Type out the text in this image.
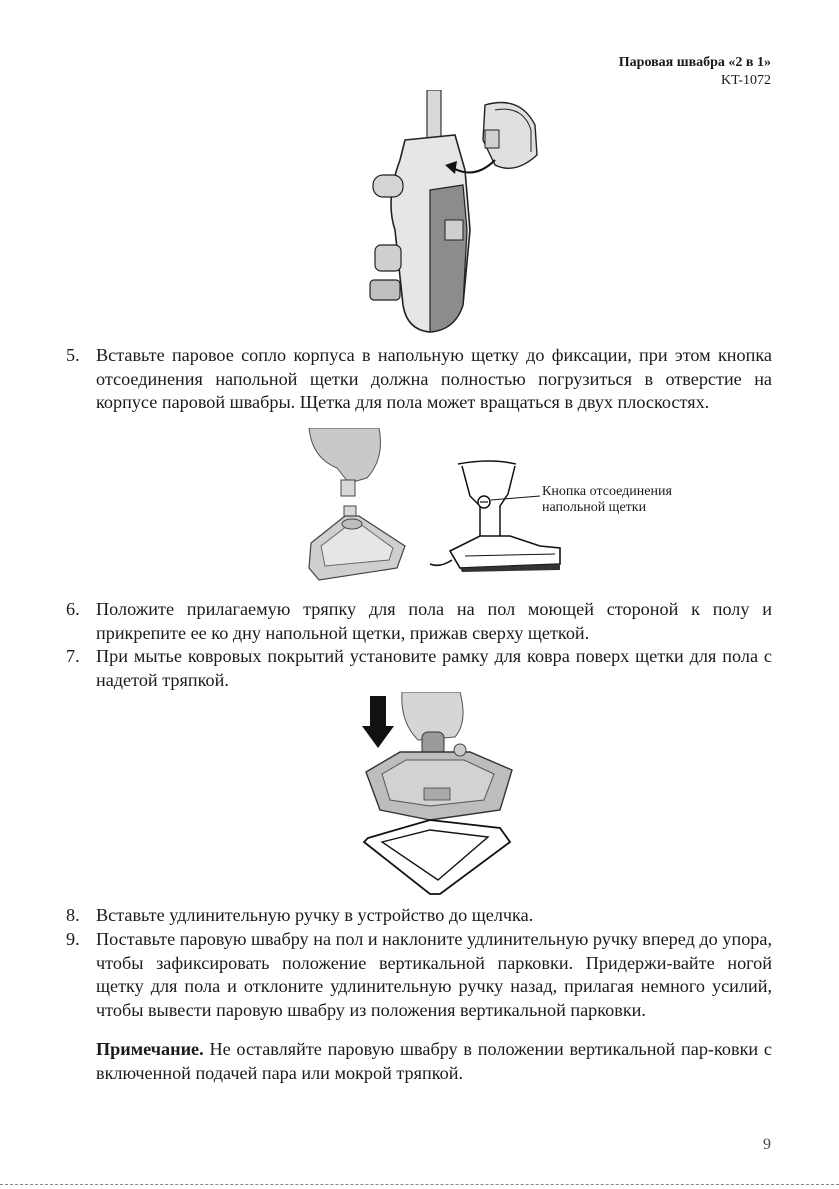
Паровая швабра «2 в 1»
KT-1072
5. Вставьте паровое сопло корпуса в напольную щетку до фиксации, при этом кнопка отсоединения напольной щетки должна полностью погрузиться в отверстие на корпусе паровой швабры. Щетка для пола может вращаться в двух плоскостях.
Кнопка отсоединения
напольной щетки
6. Положите прилагаемую тряпку для пола на пол моющей стороной к полу и прикрепите ее ко дну напольной щетки, прижав сверху щеткой.
7. При мытье ковровых покрытий установите рамку для ковра поверх щетки для пола с надетой тряпкой.
8. Вставьте удлинительную ручку в устройство до щелчка.
9. Поставьте паровую швабру на пол и наклоните удлинительную ручку вперед до упора, чтобы зафиксировать положение вертикальной парковки. Придержи-вайте ногой щетку для пола и отклоните удлинительную ручку назад, прилагая немного усилий, чтобы вывести паровую швабру из положения вертикальной парковки.
Примечание. Не оставляйте паровую швабру в положении вертикальной пар-ковки с включенной подачей пара или мокрой тряпкой.
9
